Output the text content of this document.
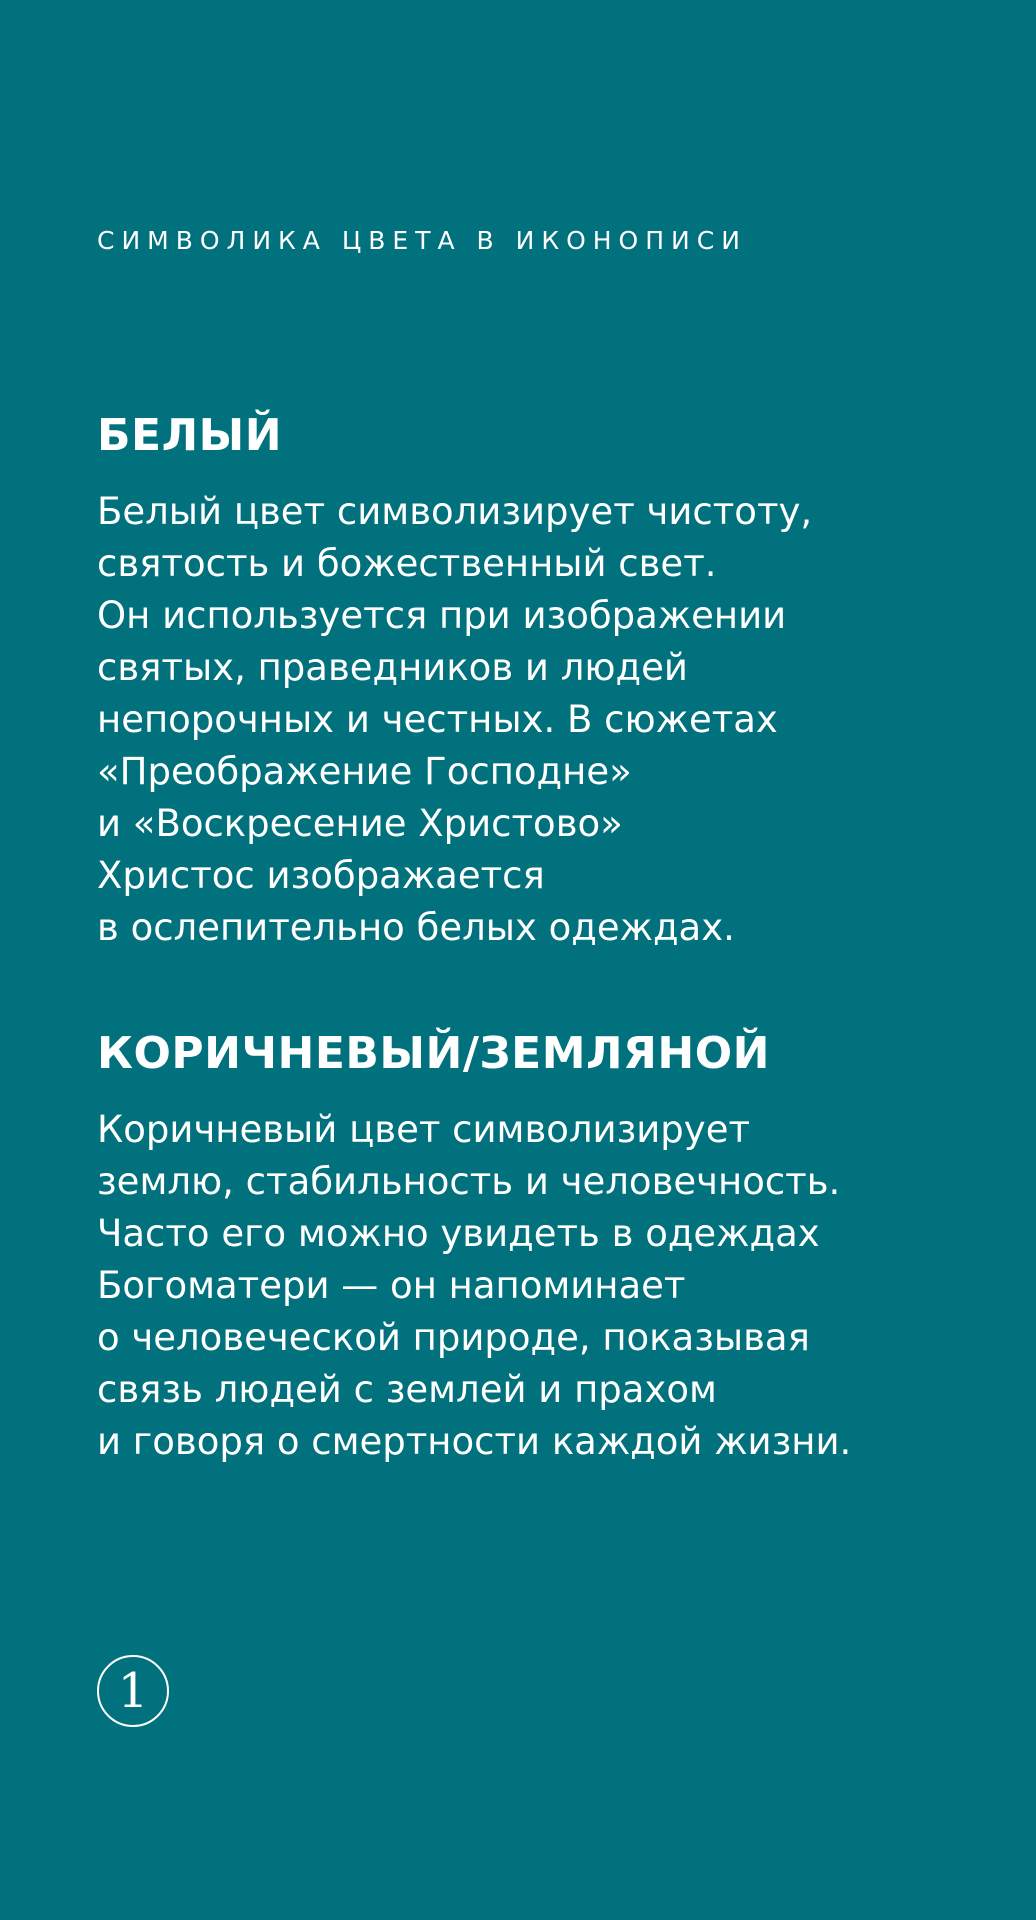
СИМВОЛИКА ЦВЕТА В ИКОНОПИСИ
БЕЛЫЙ

Белый цвет символизирует чистоту,
святость и божественный свет.
Он используется при изображении
святых, праведников и людей
непорочных и честных. В сюжетах
«Преображение Господне»
и «Воскресение Христово»
Христос изображается
в ослепительно белых одеждах.

КОРИЧНЕВЫЙ/ЗЕМЛЯНОЙ

Коричневый цвет символизирует
землю, стабильность и человечность.
Часто его можно увидеть в одеждах
Богоматери — он напоминает
о человеческой природе, показывая
связь людей с землей и прахом
и говоря о смертности каждой жизни.

1
